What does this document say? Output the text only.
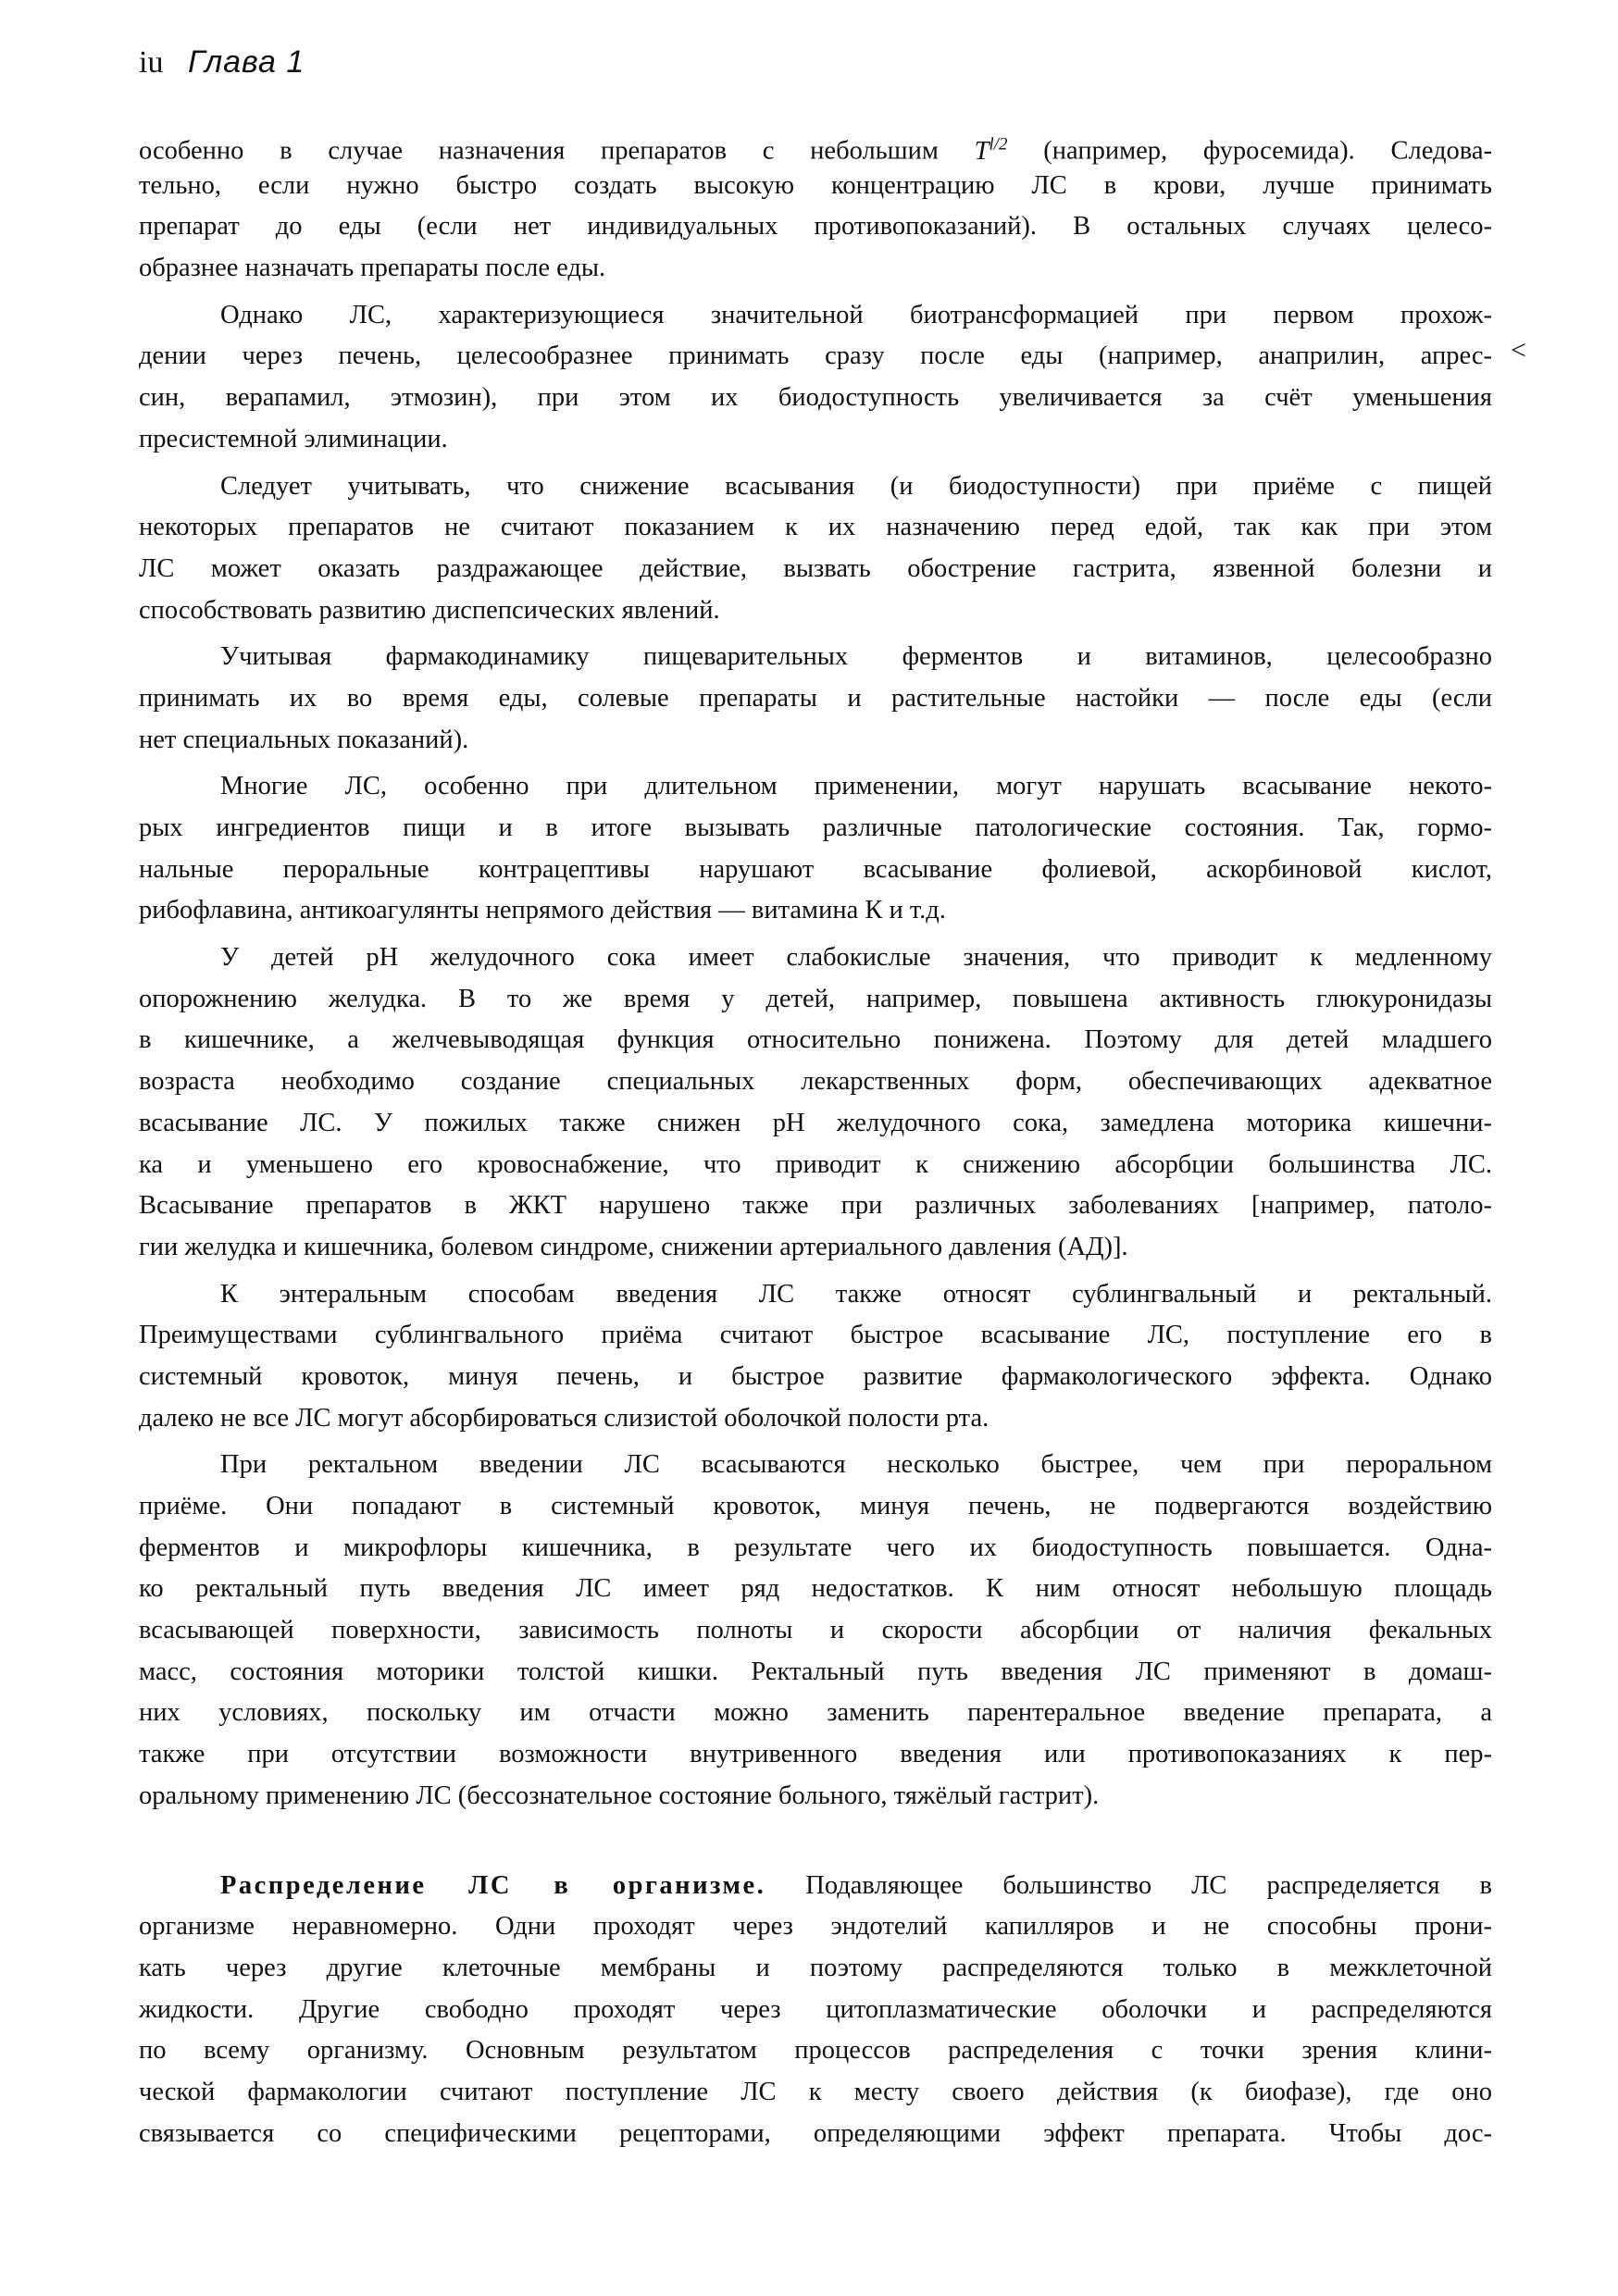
iu Глава 1
<
особенно в случае назначения препаратов с небольшим $T^{l/2}$ (например, фуросемида). Следова-
тельно, если нужно быстро создать высокую концентрацию ЛС в крови, лучше принимать
препарат до еды (если нет индивидуальных противопоказаний). В остальных случаях целесо-
образнее назначать препараты после еды.
Однако ЛС, характеризующиеся значительной биотрансформацией при первом прохож-
дении через печень, целесообразнее принимать сразу после еды (например, анаприлин, апрес-
син, верапамил, этмозин), при этом их биодоступность увеличивается за счёт уменьшения
пресистемной элиминации.
Следует учитывать, что снижение всасывания (и биодоступности) при приёме с пищей
некоторых препаратов не считают показанием к их назначению перед едой, так как при этом
ЛС может оказать раздражающее действие, вызвать обострение гастрита, язвенной болезни и
способствовать развитию диспепсических явлений.
Учитывая фармакодинамику пищеварительных ферментов и витаминов, целесообразно
принимать их во время еды, солевые препараты и растительные настойки — после еды (если
нет специальных показаний).
Многие ЛС, особенно при длительном применении, могут нарушать всасывание некото-
рых ингредиентов пищи и в итоге вызывать различные патологические состояния. Так, гормо-
нальные пероральные контрацептивы нарушают всасывание фолиевой, аскорбиновой кислот,
рибофлавина, антикоагулянты непрямого действия — витамина К и т.д.
У детей рН желудочного сока имеет слабокислые значения, что приводит к медленному
опорожнению желудка. В то же время у детей, например, повышена активность глюкуронидазы
в кишечнике, а желчевыводящая функция относительно понижена. Поэтому для детей младшего
возраста необходимо создание специальных лекарственных форм, обеспечивающих адекватное
всасывание ЛС. У пожилых также снижен рН желудочного сока, замедлена моторика кишечни-
ка и уменьшено его кровоснабжение, что приводит к снижению абсорбции большинства ЛС.
Всасывание препаратов в ЖКТ нарушено также при различных заболеваниях [например, патоло-
гии желудка и кишечника, болевом синдроме, снижении артериального давления (АД)].
К энтеральным способам введения ЛС также относят сублингвальный и ректальный.
Преимуществами сублингвального приёма считают быстрое всасывание ЛС, поступление его в
системный кровоток, минуя печень, и быстрое развитие фармакологического эффекта. Однако
далеко не все ЛС могут абсорбироваться слизистой оболочкой полости рта.
При ректальном введении ЛС всасываются несколько быстрее, чем при пероральном
приёме. Они попадают в системный кровоток, минуя печень, не подвергаются воздействию
ферментов и микрофлоры кишечника, в результате чего их биодоступность повышается. Одна-
ко ректальный путь введения ЛС имеет ряд недостатков. К ним относят небольшую площадь
всасывающей поверхности, зависимость полноты и скорости абсорбции от наличия фекальных
масс, состояния моторики толстой кишки. Ректальный путь введения ЛС применяют в домаш-
них условиях, поскольку им отчасти можно заменить парентеральное введение препарата, а
также при отсутствии возможности внутривенного введения или противопоказаниях к пер-
оральному применению ЛС (бессознательное состояние больного, тяжёлый гастрит).
Распределение ЛС в организме. Подавляющее большинство ЛС распределяется в
организме неравномерно. Одни проходят через эндотелий капилляров и не способны прони-
кать через другие клеточные мембраны и поэтому распределяются только в межклеточной
жидкости. Другие свободно проходят через цитоплазматические оболочки и распределяются
по всему организму. Основным результатом процессов распределения с точки зрения клини-
ческой фармакологии считают поступление ЛС к месту своего действия (к биофазе), где оно
связывается со специфическими рецепторами, определяющими эффект препарата. Чтобы дос-
